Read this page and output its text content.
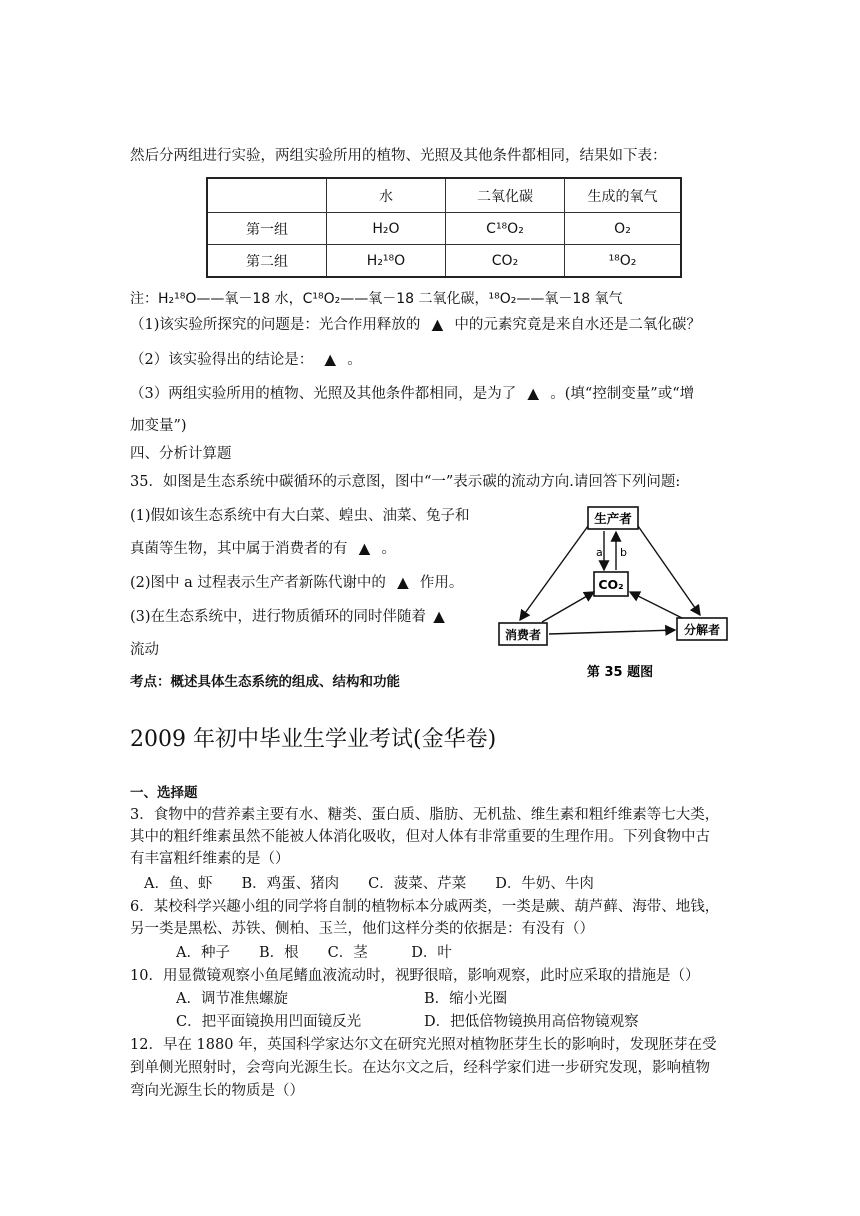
然后分两组进行实验，两组实验所用的植物、光照及其他条件都相同，结果如下表：
	水	二氧化碳	生成的氧气
第一组	H₂O	C¹⁸O₂	O₂
第二组	H₂¹⁸O	CO₂	¹⁸O₂
注：H₂¹⁸O——氧－18 水，C¹⁸O₂——氧－18 二氧化碳，¹⁸O₂——氧－18 氧气
（1)该实验所探究的问题是：光合作用释放的 ▲ 中的元素究竟是来自水还是二氧化碳？
（2）该实验得出的结论是： ▲ 。
（3）两组实验所用的植物、光照及其他条件都相同，是为了 ▲ 。(填“控制变量”或“增
加变量”)
四、分析计算题
35．如图是生态系统中碳循环的示意图，图中“一”表示碳的流动方向.请回答下列问题:
(1)假如该生态系统中有大白菜、蝗虫、油菜、兔子和
真菌等生物，其中属于消费者的有 ▲ 。
(2)图中 a 过程表示生产者新陈代谢中的 ▲ 作用。
(3)在生态系统中，进行物质循环的同时伴随着 ▲
流动
考点：概述具体生态系统的组成、结构和功能
生产者
CO₂
消费者	分解者
a b
第 35 题图
2009 年初中毕业生学业考试(金华卷)
一、选择题
3．食物中的营养素主要有水、糖类、蛋白质、脂肪、无机盐、维生素和粗纤维素等七大类，
其中的粗纤维素虽然不能被人体消化吸收，但对人体有非常重要的生理作用。下列食物中古
有丰富粗纤维素的是（）
A．鱼、虾　　B．鸡蛋、猪肉　　C．菠菜、芹菜　　D．牛奶、牛肉
6．某校科学兴趣小组的同学将自制的植物标本分戚两类，一类是蕨、葫芦藓、海带、地钱，
另一类是黑松、苏铁、侧柏、玉兰，他们这样分类的依据是：有没有（）
A．种子　　B．根　　C．茎　　　D．叶
10．用显微镜观察小鱼尾鳍血液流动时，视野很暗，影响观察，此时应采取的措施是（）
A．调节准焦螺旋	B．缩小光圈
C．把平面镜换用凹面镜反光	D．把低倍物镜换用高倍物镜观察
12．早在 1880 年，英国科学家达尔文在研究光照对植物胚芽生长的影响时，发现胚芽在受
到单侧光照射时，会弯向光源生长。在达尔文之后，经科学家们进一步研究发现，影响植物
弯向光源生长的物质是（）
